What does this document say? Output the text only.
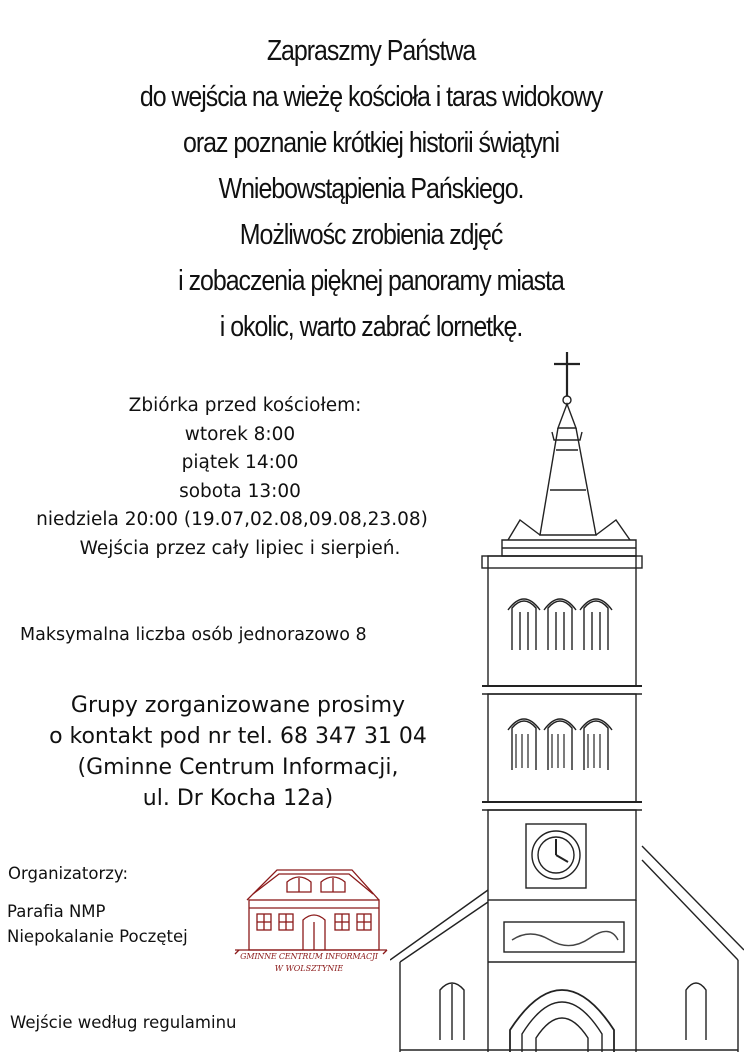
Zapraszmy Państwa
do wejścia na wieżę kościoła i taras widokowy
oraz poznanie krótkiej historii świątyni
Wniebowstąpienia Pańskiego.
Możliwośc zrobienia zdjęć
i zobaczenia pięknej panoramy miasta
i okolic, warto zabrać lornetkę.
Zbiórka przed kościołem:
wtorek 8:00
piątek 14:00
sobota 13:00
niedziela 20:00 (19.07,02.08,09.08,23.08)
Wejścia przez cały lipiec i sierpień.
Maksymalna liczba osób jednorazowo 8
Grupy zorganizowane prosimy
o kontakt pod nr tel. 68 347 31 04
(Gminne Centrum Informacji,
ul. Dr Kocha 12a)
Organizatorzy:
Parafia NMP
Niepokalanie Poczętej
GMINNE CENTRUM INFORMACJI
W WOLSZTYNIE
Wejście według regulaminu
